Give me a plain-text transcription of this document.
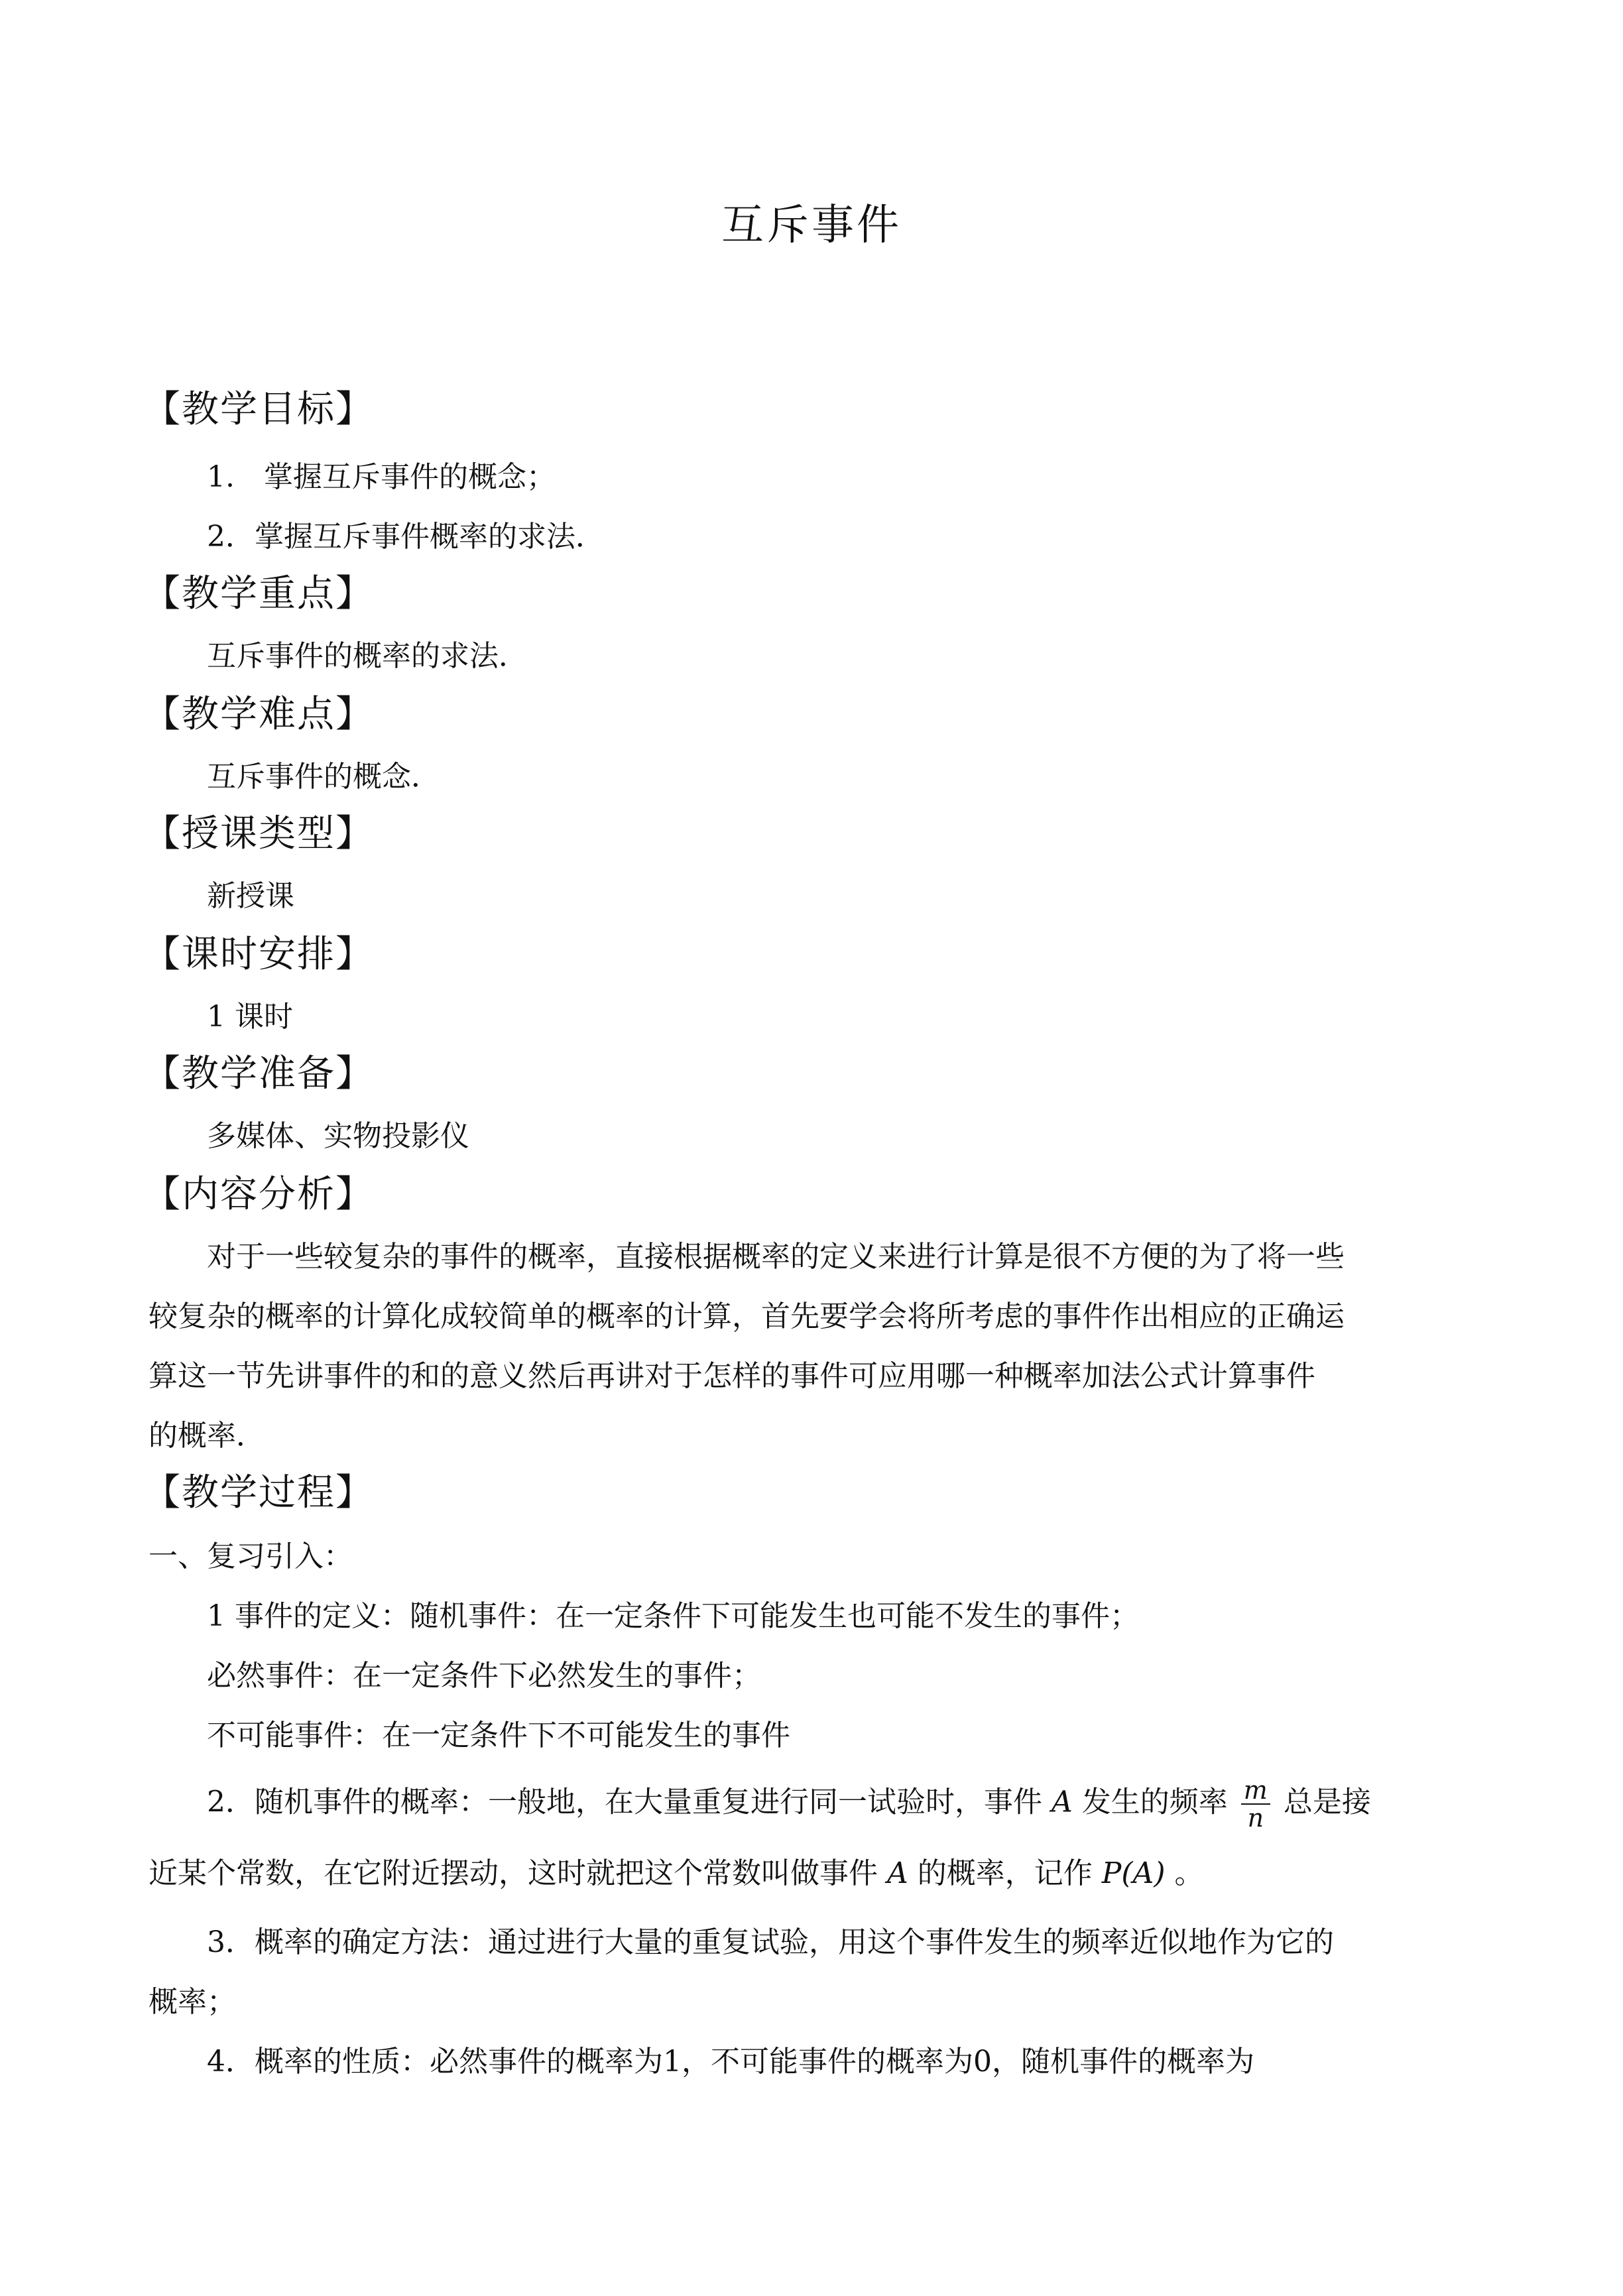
互斥事件
【教学目标】
1.　掌握互斥事件的概念；
2．掌握互斥事件概率的求法．
【教学重点】
互斥事件的概率的求法．
【教学难点】
互斥事件的概念．
【授课类型】
新授课
【课时安排】
1 课时
【教学准备】
多媒体、实物投影仪
【内容分析】
对于一些较复杂的事件的概率，直接根据概率的定义来进行计算是很不方便的为了将一些
较复杂的概率的计算化成较简单的概率的计算，首先要学会将所考虑的事件作出相应的正确运
算这一节先讲事件的和的意义然后再讲对于怎样的事件可应用哪一种概率加法公式计算事件
的概率．
【教学过程】
一、复习引入：
1 事件的定义：随机事件：在一定条件下可能发生也可能不发生的事件；
必然事件：在一定条件下必然发生的事件；
不可能事件：在一定条件下不可能发生的事件
2．随机事件的概率：一般地，在大量重复进行同一试验时，事件 A 发生的频率 $\frac{m}{n}$ 总是接
近某个常数，在它附近摆动，这时就把这个常数叫做事件 A 的概率，记作 P(A) 。
3．概率的确定方法：通过进行大量的重复试验，用这个事件发生的频率近似地作为它的
概率；
4．概率的性质：必然事件的概率为1，不可能事件的概率为0，随机事件的概率为
